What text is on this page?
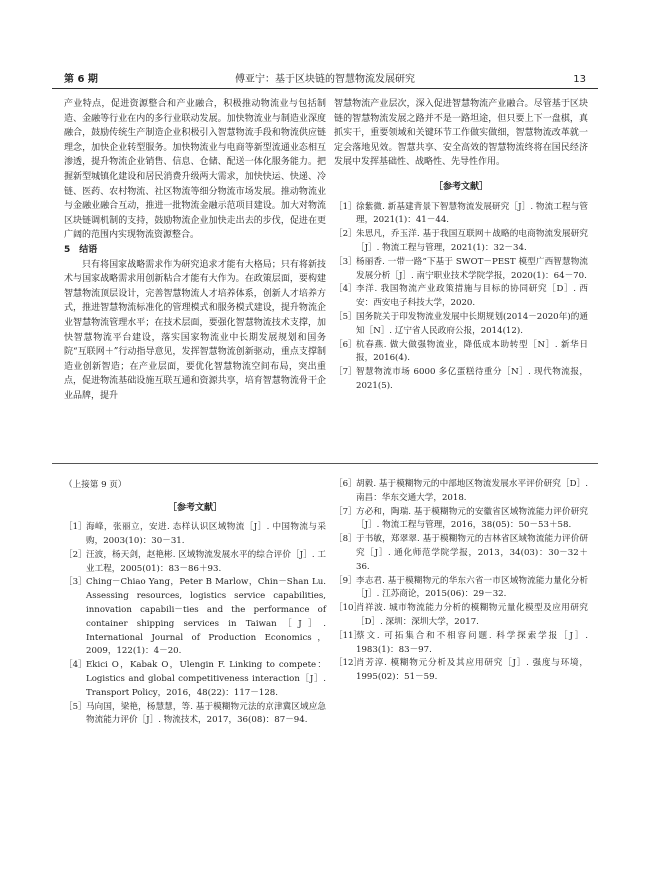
第 6 期	傅亚宁：基于区块链的智慧物流发展研究	13

产业特点，促进资源整合和产业融合，积极推动物流业与包括制造、金融等行业在内的多行业联动发展。加快物流业与制造业深度融合，鼓励传统生产制造企业积极引入智慧物流手段和物流供应链理念，加快企业转型服务。加快物流业与电商等新型流通业态相互渗透，提升物流企业销售、信息、仓储、配送一体化服务能力。把握新型城镇化建设和居民消费升级两大需求，加快快运、快递、冷链、医药、农村物流、社区物流等细分物流市场发展。推动物流业与金融业融合互动，推进一批物流金融示范项目建设。加大对物流区块链调机制的支持，鼓励物流企业加快走出去的步伐，促进在更广阔的范围内实现物流资源整合。

5　结语

只有将国家战略需求作为研究追求才能有大格局；只有将新技术与国家战略需求用创新粘合才能有大作为。在政策层面，要构建智慧物流顶层设计，完善智慧物流人才培养体系，创新人才培养方式，推进智慧物流标准化的管理模式和服务模式建设，提升物流企业智慧物流管理水平；在技术层面，要强化智慧物流技术支撑，加快智慧物流平台建设，落实国家物流业中长期发展规划和国务院“互联网＋”行动指导意见，发挥智慧物流创新驱动，重点支撑制造业创新智造；在产业层面，要优化智慧物流空间布局，突出重点，促进物流基础设施互联互通和资源共享，培育智慧物流骨干企业品牌，提升

智慧物流产业层次，深入促进智慧物流产业融合。尽管基于区块链的智慧物流发展之路并不是一路坦途，但只要上下一盘棋，真抓实干，重要领域和关键环节工作做实做细，智慧物流改革就一定会落地见效。智慧共享、安全高效的智慧物流终将在国民经济发展中发挥基础性、战略性、先导性作用。

［参考文献］
［1］ 徐紫微. 新基建背景下智慧物流发展研究［J］. 物流工程与管理，2021(1)：41－44.
［2］ 朱思凡，乔玉洋. 基于我国互联网＋战略的电商物流发展研究［J］. 物流工程与管理，2021(1)：32－34.
［3］ 杨丽香. 一带一路”下基于 SWOT－PEST 模型广西智慧物流发展分析［J］. 南宁职业技术学院学报，2020(1)：64－70.
［4］ 李洋. 我国物流产业政策措施与目标的协同研究［D］. 西安：西安电子科技大学，2020.
［5］ 国务院关于印发物流业发展中长期规划(2014－2020年)的通知［N］. 辽宁省人民政府公报，2014(12).
［6］ 杭春燕. 做大做强物流业，降低成本助转型［N］. 新华日报，2016(4).
［7］ 智慧物流市场 6000 多亿蛋糕待重分［N］. 现代物流报，2021(5).

（上接第 9 页）

［参考文献］
［1］ 海峰，张丽立，安进. 态样认识区域物流［J］. 中国物流与采购，2003(10)：30－31.
［2］ 汪波，杨天剑，赵艳彬. 区域物流发展水平的综合评价［J］. 工业工程，2005(01)：83－86＋93.
［3］ Ching－Chiao Yang，Peter B Marlow，Chin－Shan Lu. Assessing resources, logistics service capabilities, innovation capabili－ties and the performance of container shipping services in Taiwan［J］. International Journal of Production Economics，2009，122(1)：4－20.
［4］ Ekici O，Kabak O，Ulengin F. Linking to compete：Logistics and global competitiveness interaction［J］. Transport Policy，2016，48(22)：117－128.
［5］ 马向国，梁艳，杨慧慧，等. 基于模糊物元法的京津冀区域应急物流能力评价［J］. 物流技术，2017，36(08)：87－94.
［6］ 胡毅. 基于模糊物元的中部地区物流发展水平评价研究［D］. 南昌：华东交通大学，2018.
［7］ 方必和，陶瑞. 基于模糊物元的安徽省区域物流能力评价研究［J］. 物流工程与管理，2016，38(05)：50－53＋58.
［8］ 于书敏，郑翠翠. 基于模糊物元的吉林省区域物流能力评价研究［J］. 通化师范学院学报，2013，34(03)：30－32＋36.
［9］ 李志君. 基于模糊物元的华东六省一市区域物流能力量化分析［J］. 江苏商论，2015(06)：29－32.
［10］
肖祥波. 城市物流能力分析的模糊物元量化模型及应用研究［D］. 深圳：深圳大学，2017.
［11］
蔡文. 可拓集合和不相容问题. 科学探索学报［J］. 1983(1)：83－97.
［12］
肖芳淳. 模糊物元分析及其应用研究［J］. 强度与环境，1995(02)：51－59.
